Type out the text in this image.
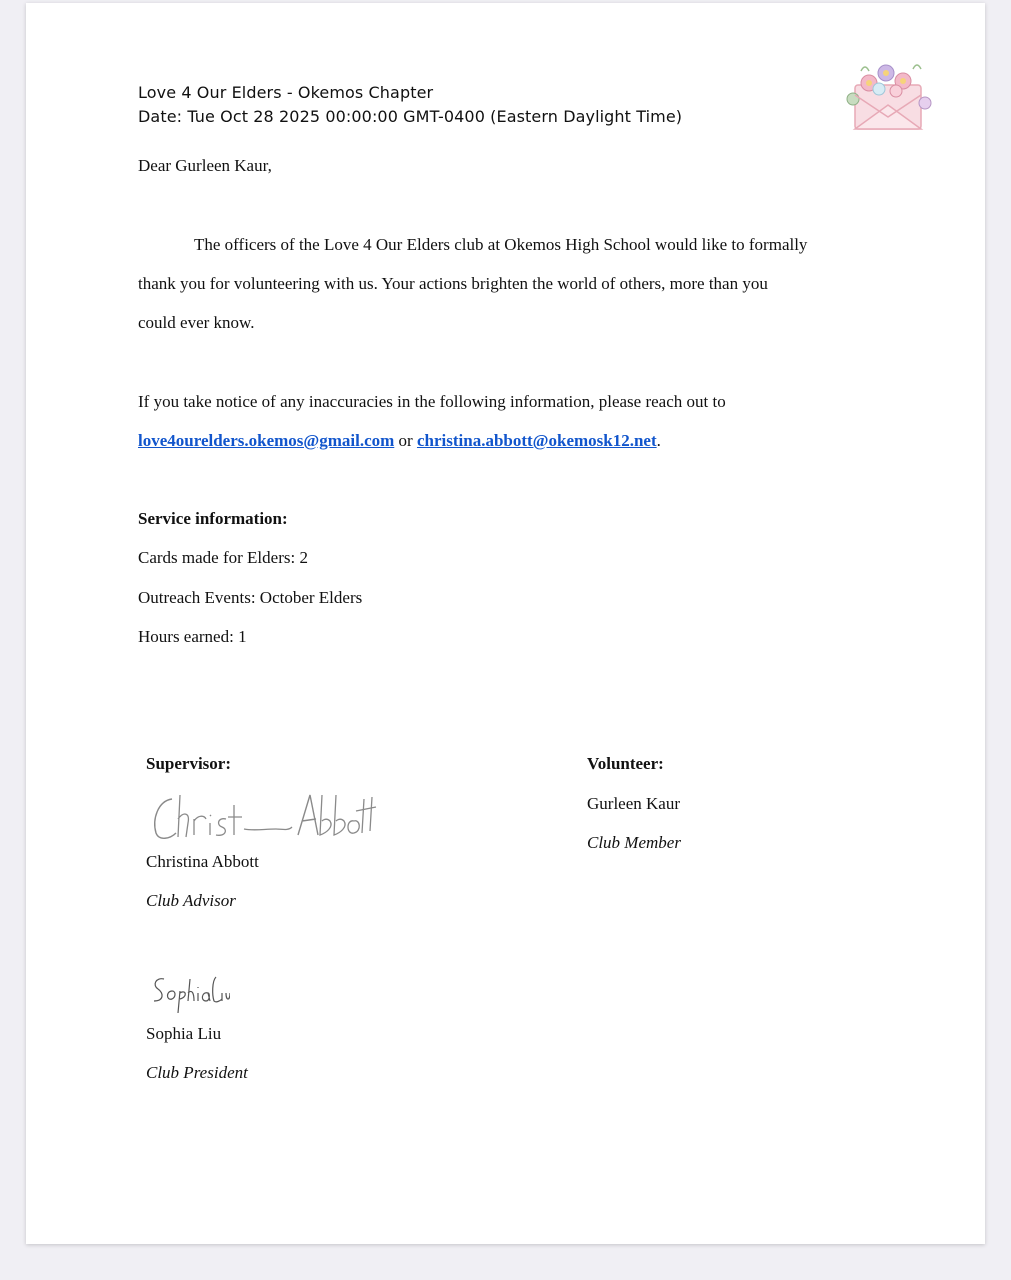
Love 4 Our Elders - Okemos Chapter
Date: Tue Oct 28 2025 00:00:00 GMT-0400 (Eastern Daylight Time)
Dear Gurleen Kaur,
The officers of the Love 4 Our Elders club at Okemos High School would like to formally
thank you for volunteering with us. Your actions brighten the world of others, more than you
could ever know.
If you take notice of any inaccuracies in the following information, please reach out to
love4ourelders.okemos@gmail.com or christina.abbott@okemosk12.net.
Service information:
Cards made for Elders: 2
Outreach Events: October Elders
Hours earned: 1
Supervisor:
Christina Abbott
Club Advisor
Volunteer:
Gurleen Kaur
Club Member
Sophia Liu
Club President
